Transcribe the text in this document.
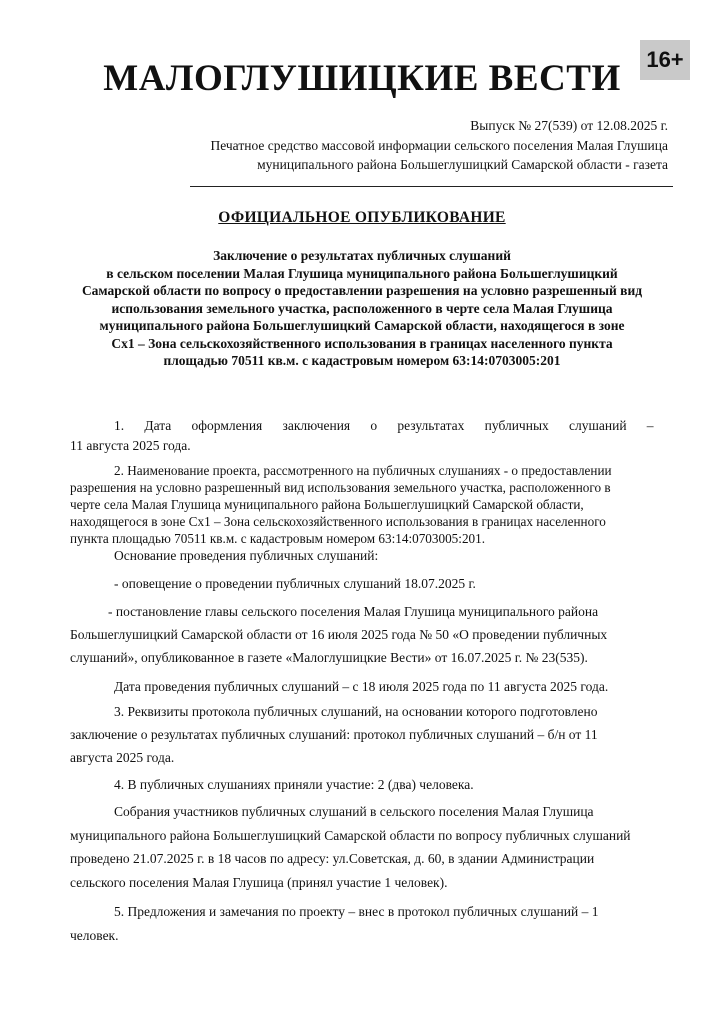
МАЛОГЛУШИЦКИЕ ВЕСТИ	16+
Выпуск № 27(539) от 12.08.2025 г.
Печатное средство массовой информации сельского поселения Малая Глушица
муниципального района Большеглушицкий Самарской области - газета
ОФИЦИАЛЬНОЕ ОПУБЛИКОВАНИЕ
Заключение о результатах публичных слушаний
в сельском поселении Малая Глушица муниципального района Большеглушицкий
Самарской области по вопросу о предоставлении разрешения на условно разрешенный вид
использования земельного участка, расположенного в черте села Малая Глушица
муниципального района Большеглушицкий Самарской области, находящегося в зоне
Сх1 – Зона сельскохозяйственного использования в границах населенного пункта
площадью 70511 кв.м. с кадастровым номером 63:14:0703005:201
1.      Дата      оформления      заключения      о      результатах      публичных      слушаний      –
11 августа 2025 года.
2. Наименование проекта, рассмотренного на публичных слушаниях - о предоставлении
разрешения на условно разрешенный вид использования земельного участка, расположенного в
черте села Малая Глушица муниципального района Большеглушицкий Самарской области,
находящегося в зоне Сх1 – Зона сельскохозяйственного использования в границах населенного
пункта площадью 70511 кв.м. с кадастровым номером 63:14:0703005:201.
Основание проведения публичных слушаний:
- оповещение о проведении публичных слушаний 18.07.2025 г.
- постановление главы сельского поселения Малая Глушица муниципального района
Большеглушицкий Самарской области от 16 июля 2025 года № 50 «О проведении публичных
слушаний», опубликованное в газете «Малоглушицкие Вести» от 16.07.2025 г. № 23(535).
Дата проведения публичных слушаний – с 18 июля 2025 года по 11 августа 2025 года.
3. Реквизиты протокола публичных слушаний, на основании которого подготовлено
заключение о результатах публичных слушаний: протокол публичных слушаний – б/н от 11
августа 2025 года.
4. В публичных слушаниях приняли участие: 2 (два) человека.
Собрания участников публичных слушаний в сельского поселения Малая Глушица
муниципального района Большеглушицкий Самарской области по вопросу публичных слушаний
проведено 21.07.2025 г. в 18 часов по адресу: ул.Советская, д. 60, в здании Администрации
сельского поселения Малая Глушица (принял участие 1 человек).
5. Предложения и замечания по проекту – внес в протокол публичных слушаний – 1
человек.
